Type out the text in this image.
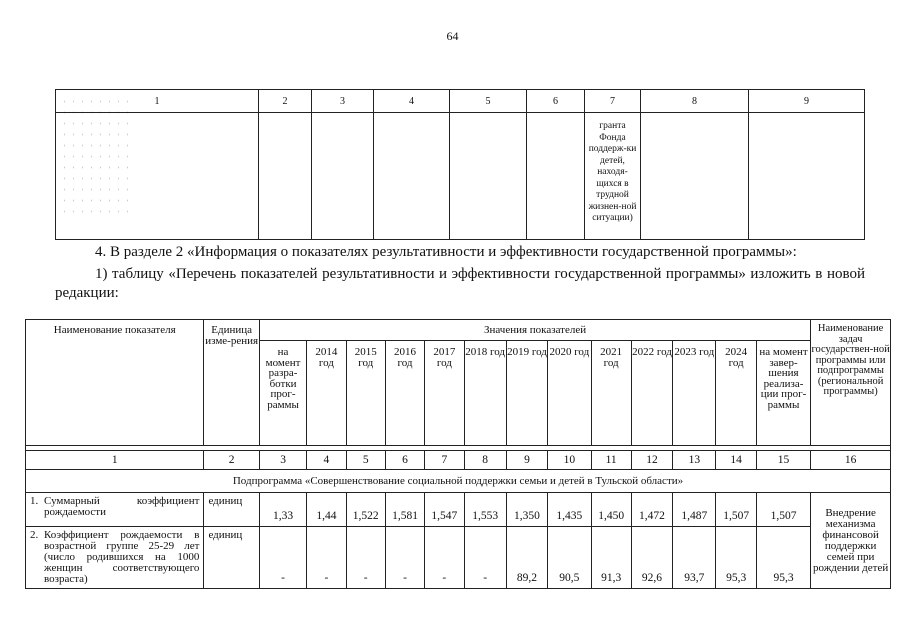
64
1	2	3	4	5	6	7	8	9
						гранта Фонда поддерж-ки детей, находя-щихся в трудной жизнен-ной ситуации)		
4. В разделе 2 «Информация о показателях результативности и эффективности государственной программы»:
1) таблицу «Перечень показателей результативности и эффективности государственной программы» изложить в новой редакции:
Наименование показателя	Единица изме-рения	Значения показателей													Наименование задач государствен-ной программы или подпрограммы (региональной программы)
		на момент разра-ботки прог-раммы	2014 год	2015 год	2016 год	2017 год	2018 год	2019 год	2020 год	2021 год	2022 год	2023 год	2024 год	на момент завер-шения реализа-ции прог-раммы	

1	2	3	4	5	6	7	8	9	10	11	12	13	14	15	16
Подпрограмма «Совершенствование социальной поддержки семьи и детей в Тульской области»															

1. Суммарный коэффициент рождаемости	единиц	1,33	1,44	1,522	1,581	1,547	1,553	1,350	1,435	1,450	1,472	1,487	1,507	1,507	Внедрение механизма финансовой поддержки семей при рождении детей

2. Коэффициент рождаемости в возрастной группе 25-29 лет (число родившихся на 1000 женщин соответствующего возраста)	единиц	-	-	-	-	-	-	89,2	90,5	91,3	92,6	93,7	95,3	95,3	
